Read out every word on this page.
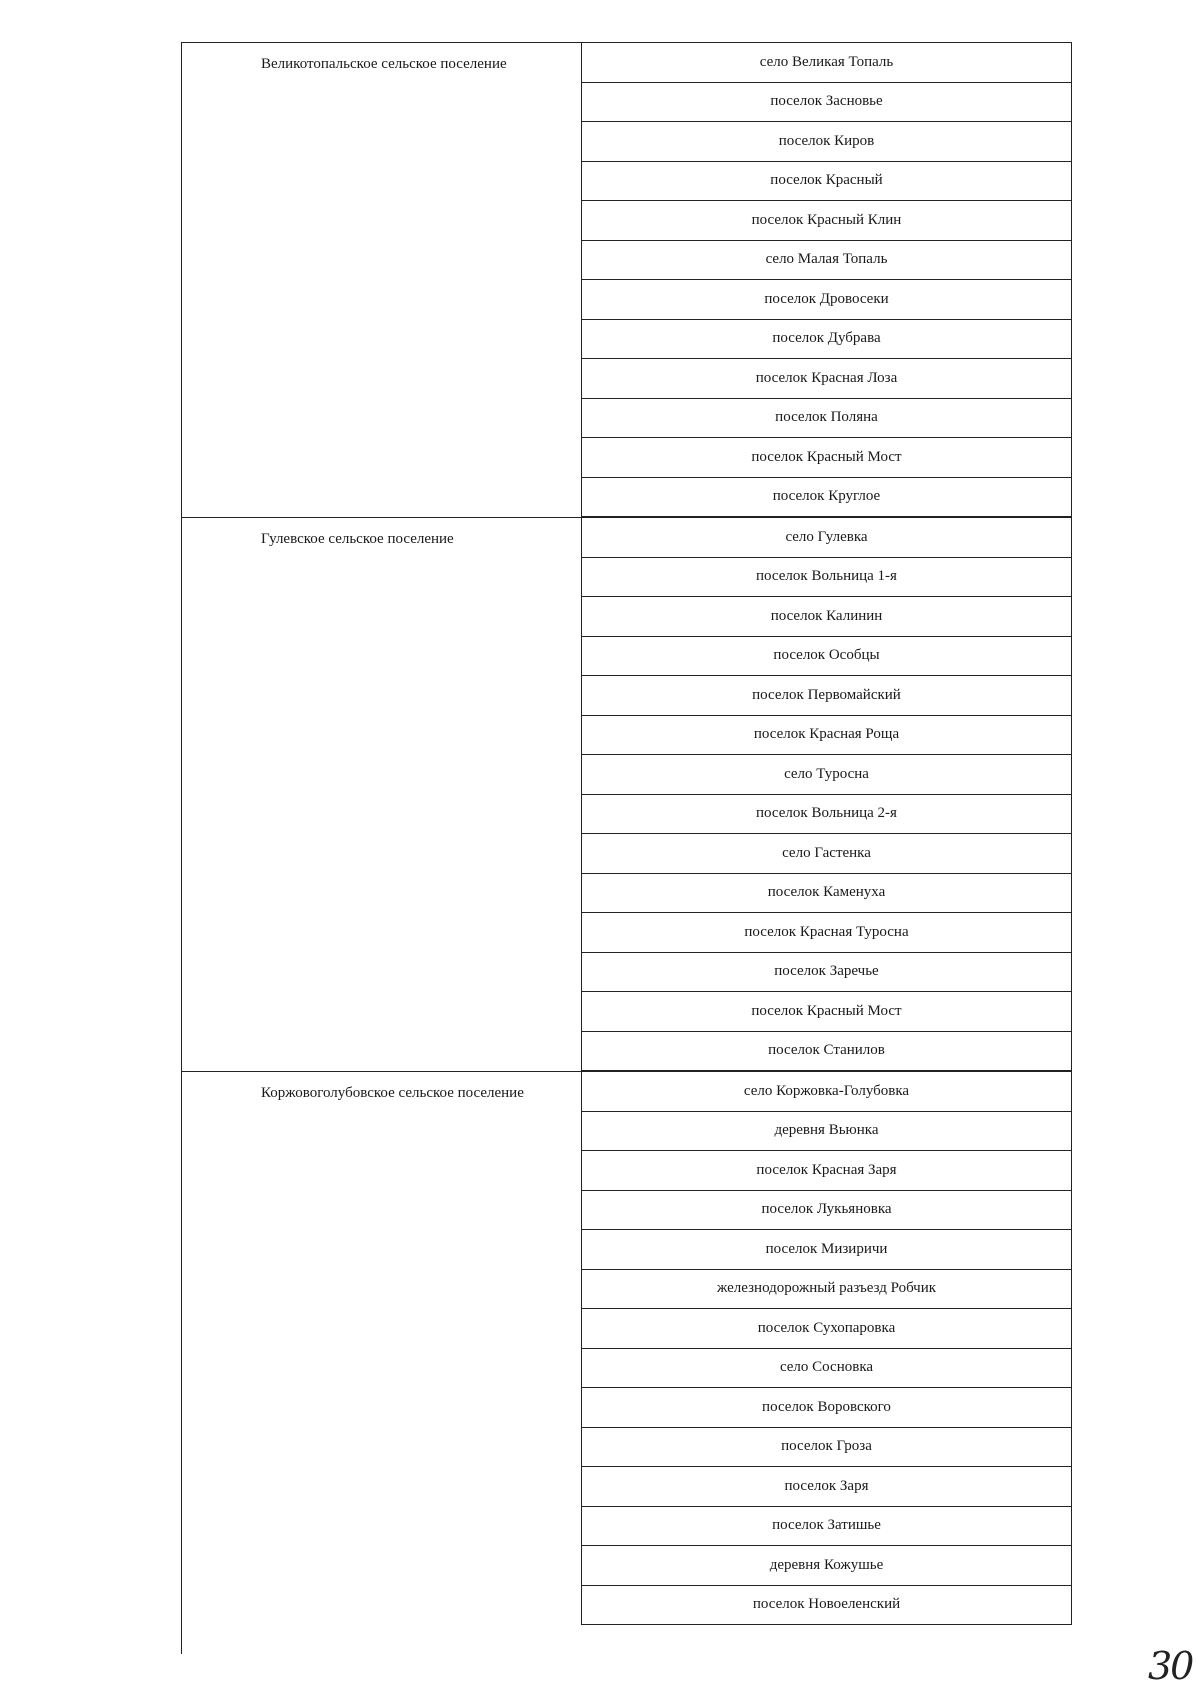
Великотопальское сельское поселение	село Великая Топаль
поселок Засновье
поселок Киров
поселок Красный
поселок Красный Клин
село Малая Топаль
поселок Дровосеки
поселок Дубрава
поселок Красная Лоза
поселок Поляна
поселок Красный Мост
поселок Круглое
Гулевское сельское поселение	село Гулевка
поселок Вольница 1-я
поселок Калинин
поселок Особцы
поселок Первомайский
поселок Красная Роща
село Туросна
поселок Вольница 2-я
село Гастенка
поселок Каменуха
поселок Красная Туросна
поселок Заречье
поселок Красный Мост
поселок Станилов
Коржовоголубовское сельское поселение	село Коржовка-Голубовка
деревня Вьюнка
поселок Красная Заря
поселок Лукьяновка
поселок Мизиричи
железнодорожный разъезд Робчик
поселок Сухопаровка
село Сосновка
поселок Воровского
поселок Гроза
поселок Заря
поселок Затишье
деревня Кожушье
поселок Новоеленский
30
